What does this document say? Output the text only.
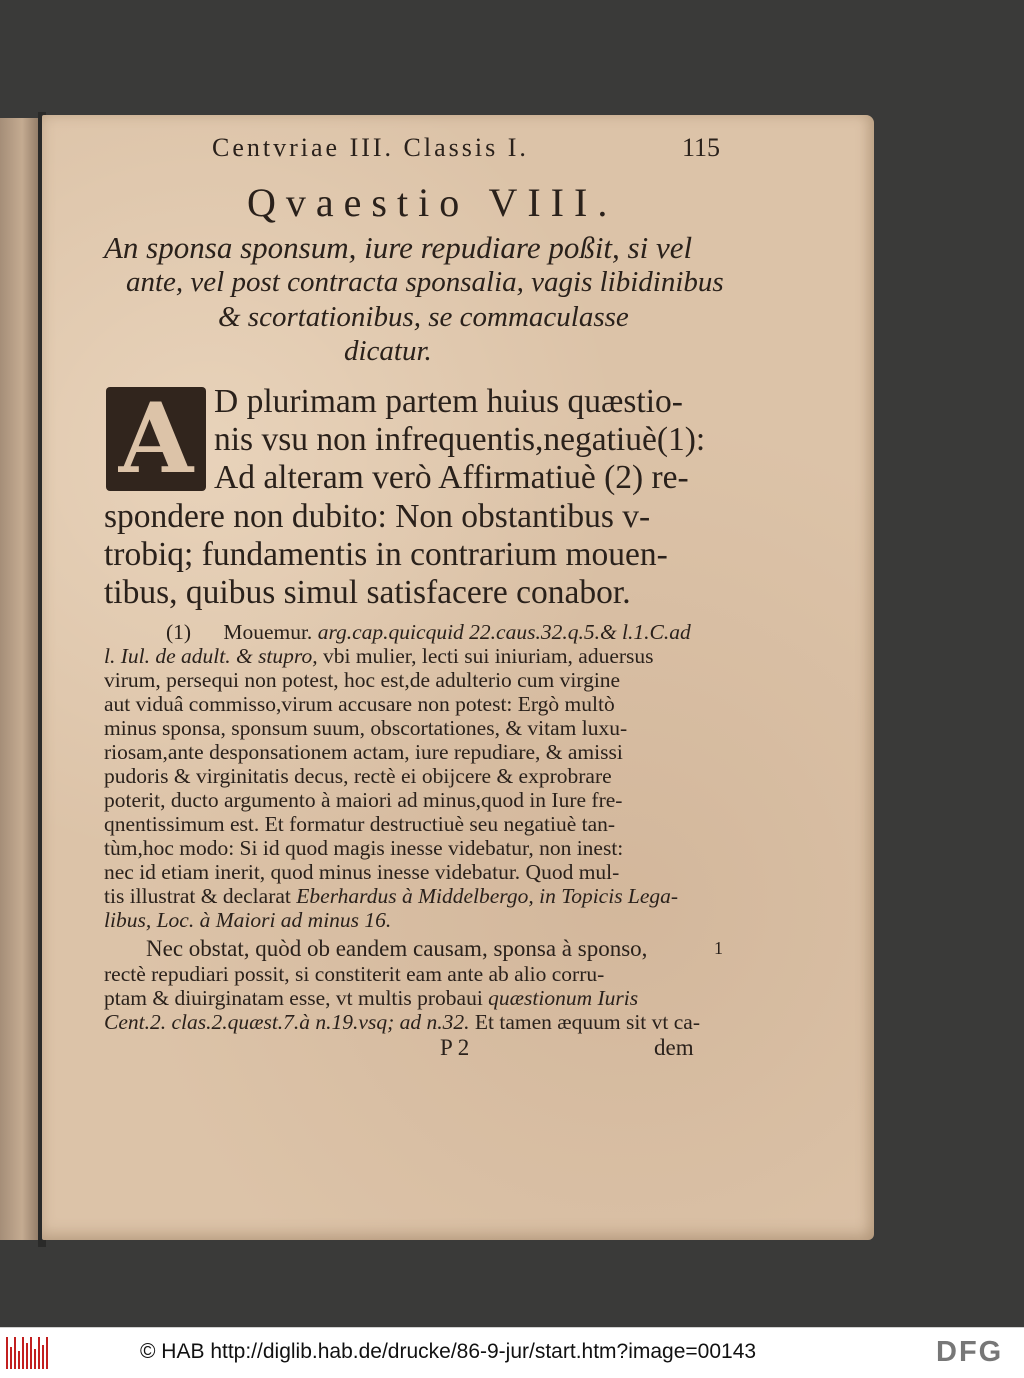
Centvriae III. Classis I.	115
Qvaestio VIII.
An sponsa sponsum, iure repudiare poßit, si vel
ante, vel post contracta sponsalia, vagis libidinibus
& scortationibus, se commaculasse
dicatur.
A D plurimam partem huius quæstio-
nis vsu non infrequentis,negatiuè(1):
Ad alteram verò Affirmatiuè (2) re-
spondere non dubito: Non obstantibus v-
trobiq; fundamentis in contrarium mouen-
tibus, quibus simul satisfacere conabor.
(1) Mouemur. arg.cap.quicquid 22.caus.32.q.5.& l.1.C.ad
l. Iul. de adult. & stupro, vbi mulier, lecti sui iniuriam, aduersus
virum, persequi non potest, hoc est,de adulterio cum virgine
aut viduâ commisso,virum accusare non potest: Ergò multò
minus sponsa, sponsum suum, obscortationes, & vitam luxu-
riosam,ante desponsationem actam, iure repudiare, & amissi
pudoris & virginitatis decus, rectè ei obijcere & exprobrare
poterit, ducto argumento à maiori ad minus,quod in Iure fre-
qnentissimum est. Et formatur destructiuè seu negatiuè tan-
tùm,hoc modo: Si id quod magis inesse videbatur, non inest:
nec id etiam inerit, quod minus inesse videbatur. Quod mul-
tis illustrat & declarat Eberhardus à Middelbergo, in Topicis Lega-
libus, Loc. à Maiori ad minus 16.
Nec obstat, quòd ob eandem causam, sponsa à sponso,	1
rectè repudiari possit, si constiterit eam ante ab alio corru-
ptam & diuirginatam esse, vt multis probaui quæstionum Iuris
Cent.2. clas.2.quæst.7.à n.19.vsq; ad n.32. Et tamen æquum sit vt ca-
P 2	dem
© HAB http://diglib.hab.de/drucke/86-9-jur/start.htm?image=00143	DFG
